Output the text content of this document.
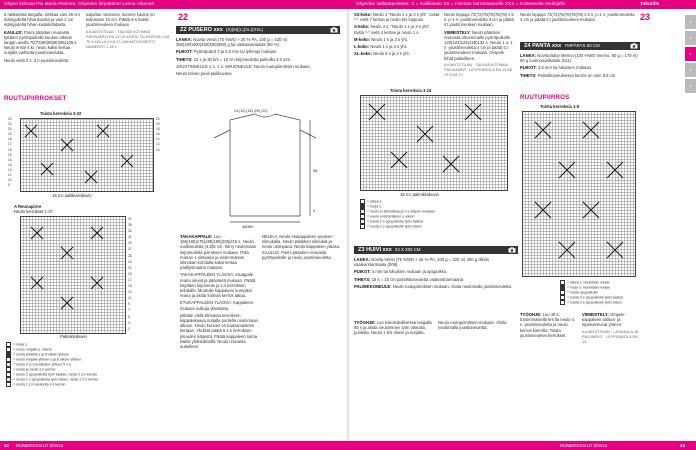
Ohjeet kokoaa Pia Maria Pietinen. Ohjeiden kirjoittanut Leena Viitanen	Ohjeiden sallauspeisteet: X = Kaikkitaito XX = Hieman harrastaneelle XXX = Kokeneelle neulojalle	Tahutille

5 rabkavistä langalla. Virkkaa vain 26 cm etäisyydeltä hihansuusta ja vain 2 cm etäisyydeltä hihan keskikohdasta.

KAULUS: Poimi pääntien reunasta tyttären pyöröpuikolle kuusen oikean langan avulla 70(75)80(85)90(95)105 s. Neulo ensin 4 kr. neulo kaksi kertaa nurjalla vaihteita joustinneulusta.

Neulo vielä 2 s. 2 n-joustinneulettä.

sulja/lue neulonna, kunnes kaulus on kokonaan 10 cm. Päätä ä-s kaikki joustinneuleen mukaan.

ILKIANTOTILAN · TÄLKÄÄ KOTIMAA PÄIVÄJÄRVI EN 14 (YLKÖKSI 74) KERTAA 3 KÄ 70 3 KALLA 3 KÄ 17 LAIHIATUSVIESTIT NUMEROT 1 JA 2

RUUTUPIIRROKSET
Toista kerroksia 3-22
22.
21.
20.
19.
18.
17.
16.
15.
14.
13.
12.
11.
10.
9.
22.
20.
18.
16.
14.
12.
10.
16 s:n pallikuviokuvio
A Reunapiirre
Neulo kerrokset 1-37
37.
35.
33.
31.
29.
27.
25.
23.
21.
19.
17.
15.
13.
11.
9.
7.
5.
3.
1.
Palmikkokuvio
= nurja s.
= neulo nurjalla s. oikein
= nosta yhdeltä s ja 6 oikein yhteen
= neulo nurjalla yhteen s ja 6 oikein yhteen
= nosta 3 s:n ja kahden yhteen 5 s:n
= nosta ja neulo s:n kerran
= neulo 2 apupuikolla työn taakse, neulo 2 s:n kerran
= nosta 1 s apupuikolla työn eteen, neulo 2 s:n kerran
= nosta 1 s:n neulonta s:n kerran
ZZ PUSERO xxx (S)(M)(L)(XL)(XXL)
22

LANKA: Novita Venla (75 %WO + 25 % PA, 100 g = 420 m) 350(400)400(450)500(550) g tai vastaavanlaista (50 %).

PUIKOT: Pyöröpuikot 3 ja 3,5 mm tai lyhempi mukaan.

TIHEYS: 22 s ja 30 krs = 10 cm kirjoneuletta puikoilla 3,5 mm.

JOUSTINNEULE 1 o, 1 n. KIRJONEULE: Neulo ruutupiirroksen mukaan.

Neulo toinen puoli peilikuvana

48(50)
56
14 (12) (16) (20) (22)
4

TAKAKAPPALE: Luo 155(165)175(185)195(205)215 s. Neulo mallineuletta (4,5)5 cm. Siirry neulomaan kirjoneuletta piirroksen mukaan. Pidä reunan 1 silmukka ja ensimmäisen silmukan kohdalla kaksi kertaa päällysruudun mukaan.

TAKAKAPPALEEN YLÄOSA: Kaappale reuna olevat ja pääntietä mukaan. Päätä käyttäen kirjoneule ja s:n kerroksen kohdalla. Muotoile kappaleen kumpikin reuna ja aloita kolmas kerros takaa.

ETUKAPPALEEN YLÄOSA: Kappaleen mukaan sulkuja yläosasta.

pitkään vielä silmukaa kerroksen, kappalekaava nurjalla puolella neulomaan alkuun. Neulo kunnes on kaavamaiseen kertaan. Yhdistä päätä 5 s:n kerroksen pituuden kärjestä. Päätä kappaleen sama kaikki yhdistämällä. Neulo reunasta uudelleen.

NELIKA: Neulo etukappaleen puoleen silmukalla. Neulo pääntien silmukat ja neulo ulompana. Neulo kappaleen yläosa. KAULUS: Poimi pääntien reunasta pyöröpuikolle ja neulo joustinneuletta.

23

X3-koko: Neulo 1 "Neulo 1 s ja 3 s yht". toista *-* vielä 7 kertaa ja neulo krs loppuun.

S-koko: Neulo 4 s, "Neulo 1 s ja 3 s yht", toista *-* vielä 4 kertaa ja neulo 1 s.

M-koko: Neulo 1 s ja 3 s yht.

L-koko: Neulo 1 s ja 3 s yht.

XL-koko: Neulo 5 s ja 3 s yht.

Neulo loppuja 72(72)76(76)78(78) s b s, p-1 n- joustinneuletta 3 cm ja päätä s:t joustinneuleen mukaan.

VIIMEISTELY: Neulo pääntien reunasta ohuemmalle pyöröpuikolle 120(124)124(128)132 s. Neulo 1 o, 1 n -joustinneuletta 4 cm ja päätä s:t joustinneuleen mukaan. Ompele hihat paikoilleen.

ILKIANTOTILAN · TÄLKÄÄ KOTIMAA PÄIVÄJÄRVI · LEYPEÄNTILA EN 14 KÄ 70 3 KÄ 17

Toista kerroksia 3-24
16 s:n palmikkokuvio
= oikea s.
= nurja s.
= neulo ei silmukkaa ja 3 s ohjeen mukaan
= neulo ensimmäinen s oikein
= nosta 2 s apupuikolle työn taakse
= nosta 2 s apupuikolle työn eteen
Z3 HUIVI xxx 22 X 200 CM

LANKA: Novita Venla (75 %WO + 25 % PA, 100 g = 420 m) 400 g oliiviä vaaleanharmaata (008).

PUIKOT: 4 mm tai lukuisien mukaan ja apupuikko.

TIHEYS: 18 s = 10 cm palmikkoneuletta vaaleanharmaana

PALMIKKONEULE: Neulo ruutupiirroksen mukaan. Aloita neulomalla joustinneuletta.

TYÖOHJE: Luo kokokokollisessa langalla 65 s ja aloita neulominen työn oikealta puolelta. Neulo 1 krs oikein ja nurjalta.

Neulo ruutupiirroksen mukaan. Aloita neulomalla joustinneuletta.

Neulo loppuja 72(72)76(76)78(78) s b s, p-1 n- joustinneuletta 3 cm ja päätä s:t joustinneuleen mukaan.

Z4 PANTA xxx YMPÄRYS 50 CM

LANKA: Novita Baby Merino (100 %WO merino, 50 g = 175 m) 50 g luonnonvalkoista (011).

PUIKOT: 3,5 mm tai lukuisien mukaan.

TIHEYS: Palmikkoneuleessa kerros on noin 9,5 cm.

RUUTUPIIRROS
Toista kerroksia 1-8
= oikea s. neulotaan oikein
= nurja s. neulotaan nurjaa
= nosta apupuikolle
= nosta 2 s apupuikolle työn taakse
= nosta 2 s apupuikolle työn eteen

TYÖOHJE: Luo 40 s. Ensimmäisellä krs:lla neulo o, n -joustinneuletta ja neulo kerros kierrolla. Toista joustinneuleen kerrokset.

VIIMEISTELY: Ompele kappaleen aloitus- ja lopetusreunat yhteen.

ILKIANTOTILAN · LAUKAALA JA PÄIVIÄRVIT · LEYPEÄNTILA EN 14

x
x
x
x
x
42 NUMEROSIVUT 5/2016	NUMEROSIVUT 5/2016	43
